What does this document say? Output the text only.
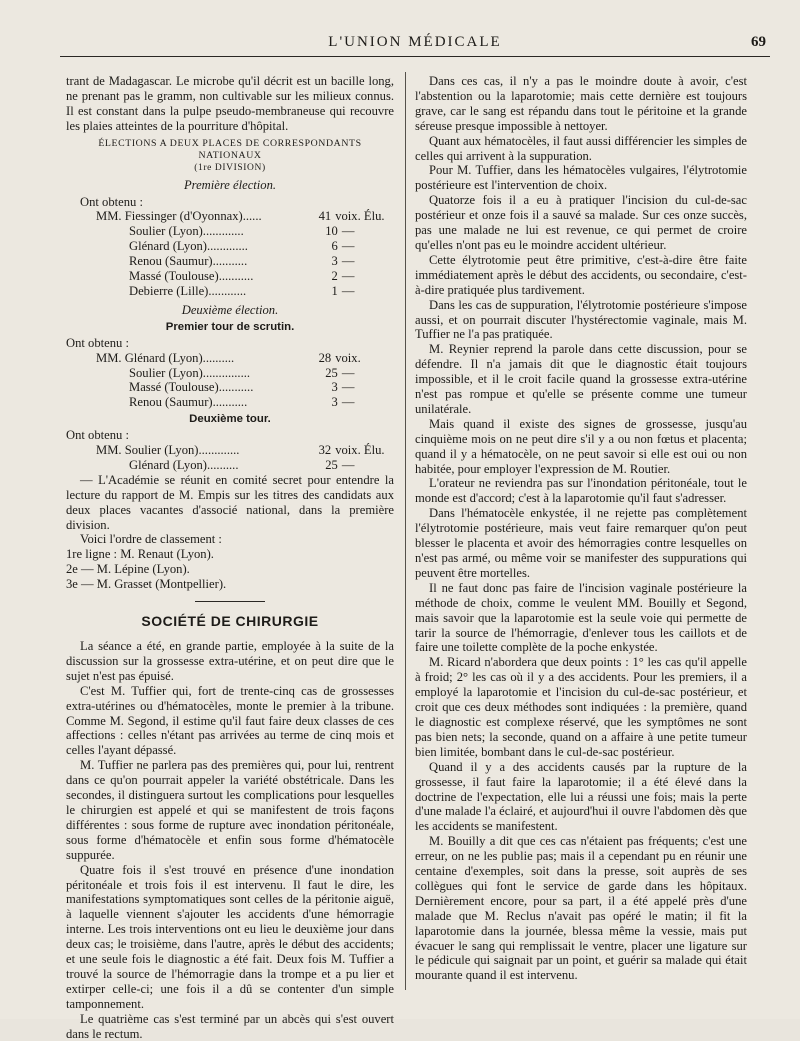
L'UNION MÉDICALE	69

trant de Madagascar. Le microbe qu'il décrit est un bacille long, ne prenant pas le gramm, non cultivable sur les milieux connus. Il est constant dans la pulpe pseudo-membraneuse qui recouvre les plaies atteintes de la pourriture d'hôpital.

ÉLECTIONS A DEUX PLACES DE CORRESPONDANTS NATIONAUX
(1re DIVISION)
Première élection.
Ont obtenu :
MM. Fiessinger (d'Oyonnax)......	41 voix. Élu.
Soulier (Lyon).............	10 —
Glénard (Lyon).............	6 —
Renou (Saumur)...........	3 —
Massé (Toulouse)...........	2 —
Debierre (Lille)............	1 —
Deuxième élection.
Premier tour de scrutin.
Ont obtenu :
MM. Glénard (Lyon)..........	28 voix.
Soulier (Lyon)...............	25 —
Massé (Toulouse)...........	3 —
Renou (Saumur)...........	3 —
Deuxième tour.
Ont obtenu :
MM. Soulier (Lyon).............	32 voix. Élu.
Glénard (Lyon)..........	25 —

— L'Académie se réunit en comité secret pour entendre la lecture du rapport de M. Empis sur les titres des candidats aux deux places vacantes d'associé national, dans la première division.

Voici l'ordre de classement :

1re ligne : M. Renaut (Lyon).
2e — M. Lépine (Lyon).
3e — M. Grasset (Montpellier).
SOCIÉTÉ DE CHIRURGIE

La séance a été, en grande partie, employée à la suite de la discussion sur la grossesse extra-utérine, et on peut dire que le sujet n'est pas épuisé.

C'est M. Tuffier qui, fort de trente-cinq cas de grossesses extra-utérines ou d'hématocèles, monte le premier à la tribune. Comme M. Segond, il estime qu'il faut faire deux classes de ces affections : celles n'étant pas arrivées au terme de cinq mois et celles l'ayant dépassé.

M. Tuffier ne parlera pas des premières qui, pour lui, rentrent dans ce qu'on pourrait appeler la variété obstétricale. Dans les secondes, il distinguera surtout les complications pour lesquelles le chirurgien est appelé et qui se manifestent de trois façons différentes : sous forme de rupture avec inondation péritonéale, sous forme d'hématocèle et enfin sous forme d'hématocèle suppurée.

Quatre fois il s'est trouvé en présence d'une inondation péritonéale et trois fois il est intervenu. Il faut le dire, les manifestations symptomatiques sont celles de la péritonie aiguë, à laquelle viennent s'ajouter les accidents d'une hémorragie interne. Les trois interventions ont eu lieu le deuxième jour dans deux cas; le troisième, dans l'autre, après le début des accidents; et une seule fois le diagnostic a été fait. Deux fois M. Tuffier a trouvé la source de l'hémorragie dans la trompe et a pu lier et extirper celle-ci; une fois il a dû se contenter d'un simple tamponnement.

Le quatrième cas s'est terminé par un abcès qui s'est ouvert dans le rectum.

Dans ces cas, il n'y a pas le moindre doute à avoir, c'est l'abstention ou la laparotomie; mais cette dernière est toujours grave, car le sang est répandu dans tout le péritoine et la grande séreuse presque impossible à nettoyer.

Quant aux hématocèles, il faut aussi différencier les simples de celles qui arrivent à la suppuration.

Pour M. Tuffier, dans les hématocèles vulgaires, l'élytrotomie postérieure est l'intervention de choix.

Quatorze fois il a eu à pratiquer l'incision du cul-de-sac postérieur et onze fois il a sauvé sa malade. Sur ces onze succès, pas une malade ne lui est revenue, ce qui permet de croire qu'elles n'ont pas eu le moindre accident ultérieur.

Cette élytrotomie peut être primitive, c'est-à-dire être faite immédiatement après le début des accidents, ou secondaire, c'est-à-dire pratiquée plus tardivement.

Dans les cas de suppuration, l'élytrotomie postérieure s'impose aussi, et on pourrait discuter l'hystérectomie vaginale, mais M. Tuffier ne l'a pas pratiquée.

M. Reynier reprend la parole dans cette discussion, pour se défendre. Il n'a jamais dit que le diagnostic était toujours impossible, et il le croit facile quand la grossesse extra-utérine n'est pas rompue et qu'elle se présente comme une tumeur unilatérale.

Mais quand il existe des signes de grossesse, jusqu'au cinquième mois on ne peut dire s'il y a ou non fœtus et placenta; quand il y a hématocèle, on ne peut savoir si elle est oui ou non habitée, pour employer l'expression de M. Routier.

L'orateur ne reviendra pas sur l'inondation péritonéale, tout le monde est d'accord; c'est à la laparotomie qu'il faut s'adresser.

Dans l'hématocèle enkystée, il ne rejette pas complètement l'élytrotomie postérieure, mais veut faire remarquer qu'on peut blesser le placenta et avoir des hémorragies contre lesquelles on n'est pas armé, ou même voir se manifester des suppurations qui peuvent être mortelles.

Il ne faut donc pas faire de l'incision vaginale postérieure la méthode de choix, comme le veulent MM. Bouilly et Segond, mais savoir que la laparotomie est la seule voie qui permette de tarir la source de l'hémorragie, d'enlever tous les caillots et de faire une toilette complète de la poche enkystée.

M. Ricard n'abordera que deux points : 1° les cas qu'il appelle à froid; 2° les cas où il y a des accidents. Pour les premiers, il a employé la laparotomie et l'incision du cul-de-sac postérieur, et croit que ces deux méthodes sont indiquées : la première, quand le diagnostic est complexe réservé, que les symptômes ne sont pas bien nets; la seconde, quand on a affaire à une petite tumeur bien limitée, bombant dans le cul-de-sac postérieur.

Quand il y a des accidents causés par la rupture de la grossesse, il faut faire la laparotomie; il a été élevé dans la doctrine de l'expectation, elle lui a réussi une fois; mais la perte d'une malade l'a éclairé, et aujourd'hui il ouvre l'abdomen dès que les accidents se manifestent.

M. Bouilly a dit que ces cas n'étaient pas fréquents; c'est une erreur, on ne les publie pas; mais il a cependant pu en réunir une centaine d'exemples, soit dans la presse, soit auprès de ses collègues qui font le service de garde dans les hôpitaux. Dernièrement encore, pour sa part, il a été appelé près d'une malade que M. Reclus n'avait pas opéré le matin; il fit la laparotomie dans la journée, blessa même la vessie, mais put évacuer le sang qui remplissait le ventre, placer une ligature sur le pédicule qui saignait par un point, et guérir sa malade qui était mourante quand il est intervenu.
